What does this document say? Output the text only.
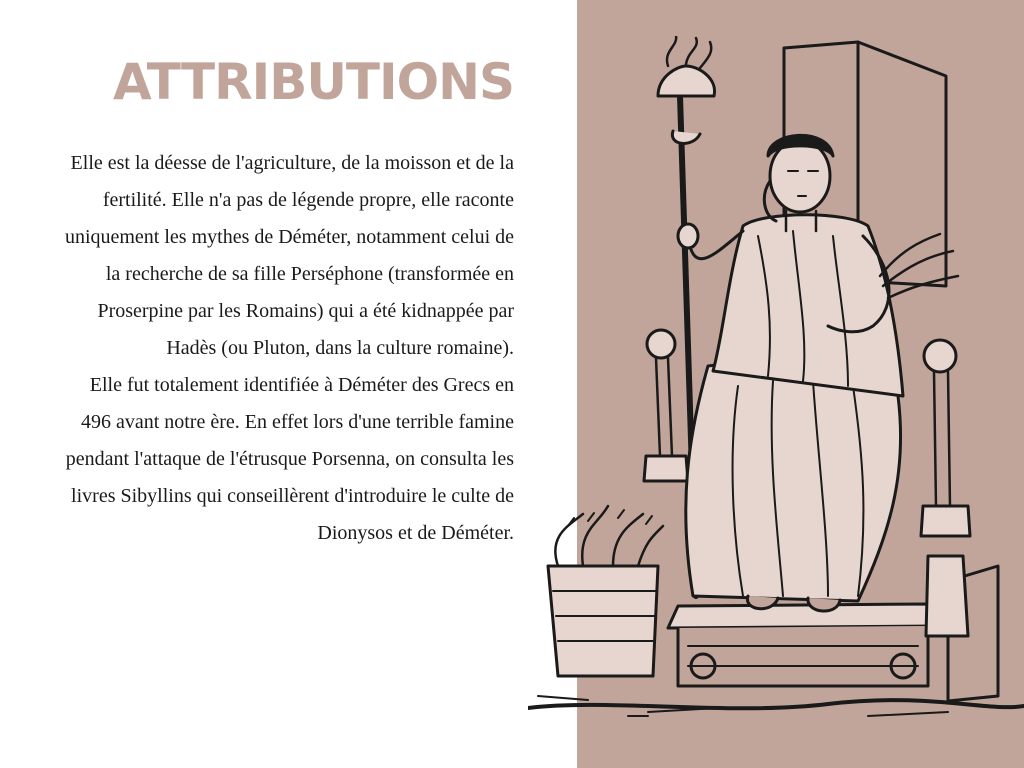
ATTRIBUTIONS

Elle est la déesse de l'agriculture, de la moisson et de la fertilité. Elle n'a pas de légende propre, elle raconte uniquement les mythes de Déméter, notamment celui de la recherche de sa fille Perséphone (transformée en Proserpine par les Romains) qui a été kidnappée par Hadès (ou Pluton, dans la culture romaine).

Elle fut totalement identifiée à Déméter des Grecs en 496 avant notre ère. En effet lors d'une terrible famine pendant l'attaque de l'étrusque Porsenna, on consulta les livres Sibyllins qui conseillèrent d'introduire le culte de Dionysos et de Déméter.
